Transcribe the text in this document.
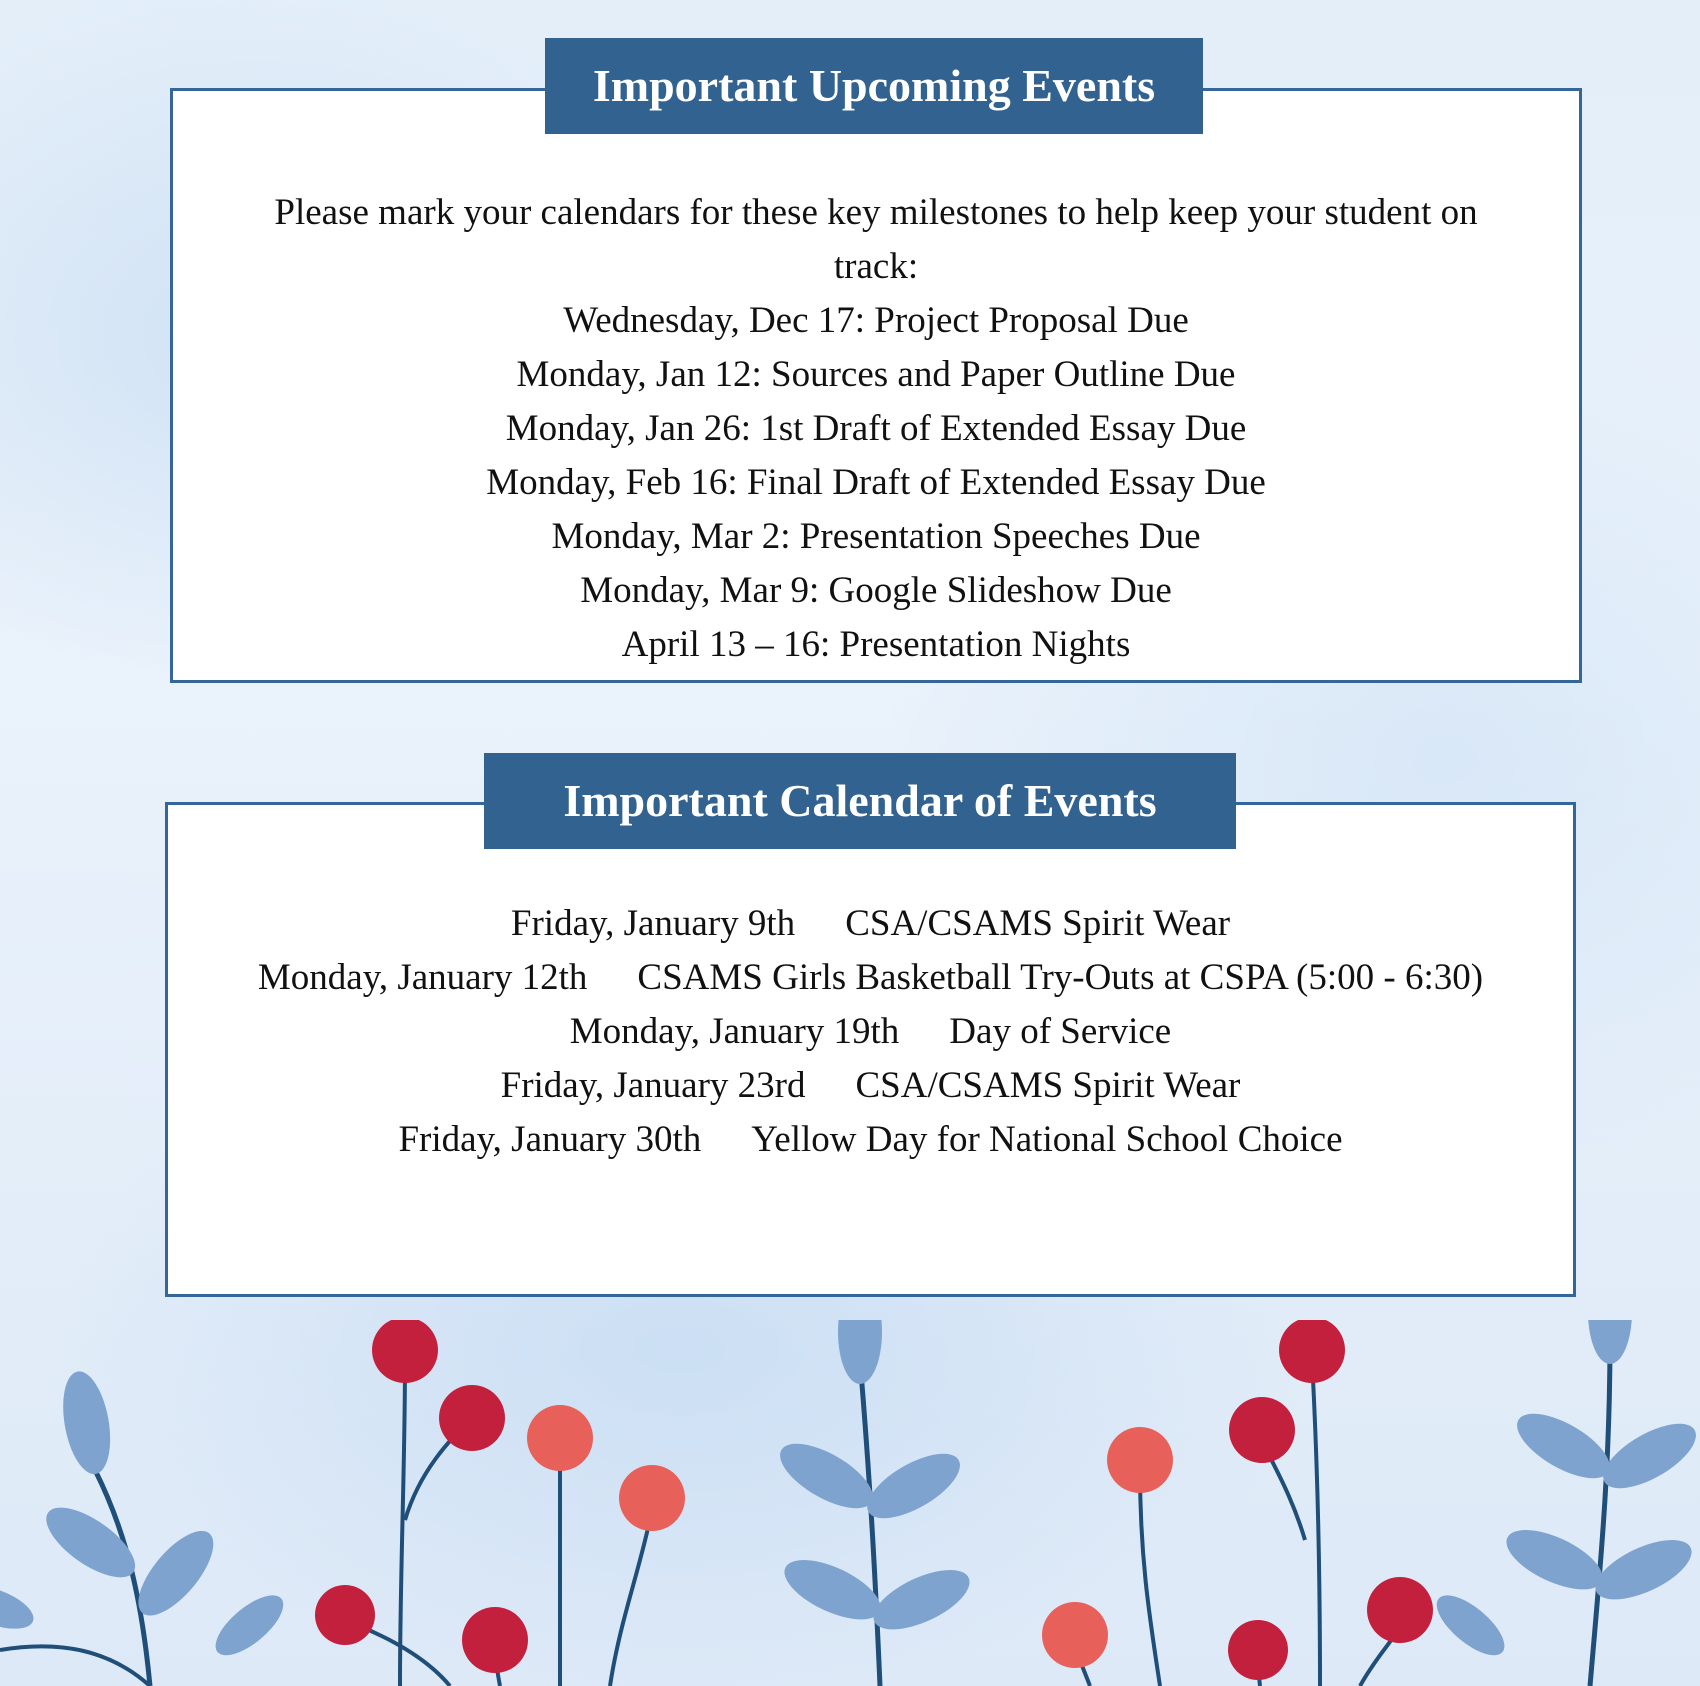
Please mark your calendars for these key milestones to help keep your student on
track:
Wednesday, Dec 17: Project Proposal Due
Monday, Jan 12: Sources and Paper Outline Due
Monday, Jan 26: 1st Draft of Extended Essay Due
Monday, Feb 16: Final Draft of Extended Essay Due
Monday, Mar 2: Presentation Speeches Due
Monday, Mar 9: Google Slideshow Due
April 13 – 16: Presentation Nights
Important Upcoming Events
Friday, January 9th CSA/CSAMS Spirit Wear
Monday, January 12th CSAMS Girls Basketball Try-Outs at CSPA (5:00 - 6:30)
Monday, January 19th Day of Service
Friday, January 23rd CSA/CSAMS Spirit Wear
Friday, January 30th Yellow Day for National School Choice
Important Calendar of Events
